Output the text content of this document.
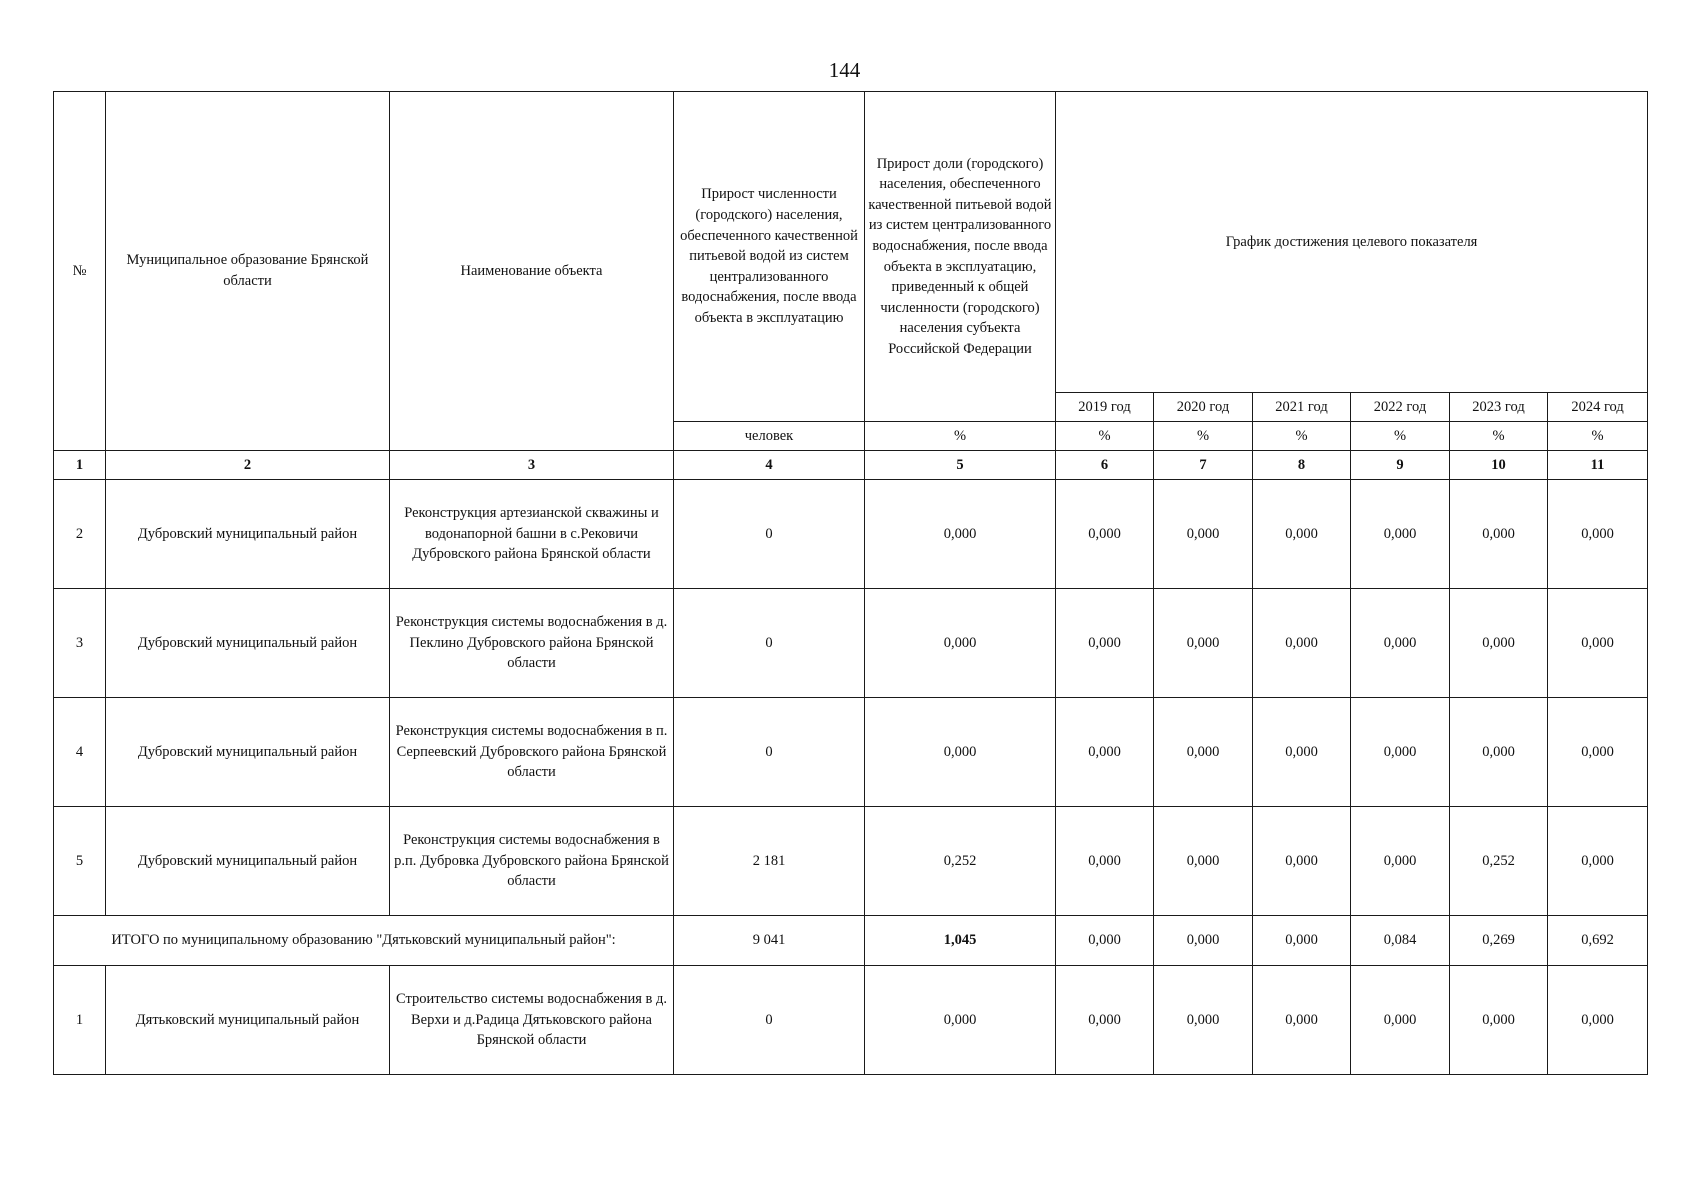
144
№	Муниципальное образование Брянской области	Наименование объекта	Прирост численности (городского) населения, обеспеченного качественной питьевой водой из систем централизованного водоснабжения, после ввода объекта в эксплуатацию	Прирост доли (городского) населения, обеспеченного качественной питьевой водой из систем централизованного водоснабжения, после ввода объекта в эксплуатацию, приведенный к общей численности (городского) населения субъекта Российской Федерации	График достижения целевого показателя					
					2019 год	2020 год	2021 год	2022 год	2023 год	2024 год
			человек	%	%	%	%	%	%	%
1	2	3	4	5	6	7	8	9	10	11
2	Дубровский муниципальный район	Реконструкция артезианской скважины и водонапорной башни в с.Рековичи Дубровского района Брянской области	0	0,000	0,000	0,000	0,000	0,000	0,000	0,000
3	Дубровский муниципальный район	Реконструкция системы водоснабжения в д. Пеклино Дубровского района Брянской области	0	0,000	0,000	0,000	0,000	0,000	0,000	0,000
4	Дубровский муниципальный район	Реконструкция системы водоснабжения в п. Серпеевский Дубровского района Брянской области	0	0,000	0,000	0,000	0,000	0,000	0,000	0,000
5	Дубровский муниципальный район	Реконструкция системы водоснабжения в р.п. Дубровка Дубровского района Брянской области	2 181	0,252	0,000	0,000	0,000	0,000	0,252	0,000
ИТОГО по муниципальному образованию "Дятьковский муниципальный район":			9 041	1,045	0,000	0,000	0,000	0,084	0,269	0,692
1	Дятьковский муниципальный район	Строительство системы водоснабжения в д. Верхи и д.Радица Дятьковского района Брянской области	0	0,000	0,000	0,000	0,000	0,000	0,000	0,000
